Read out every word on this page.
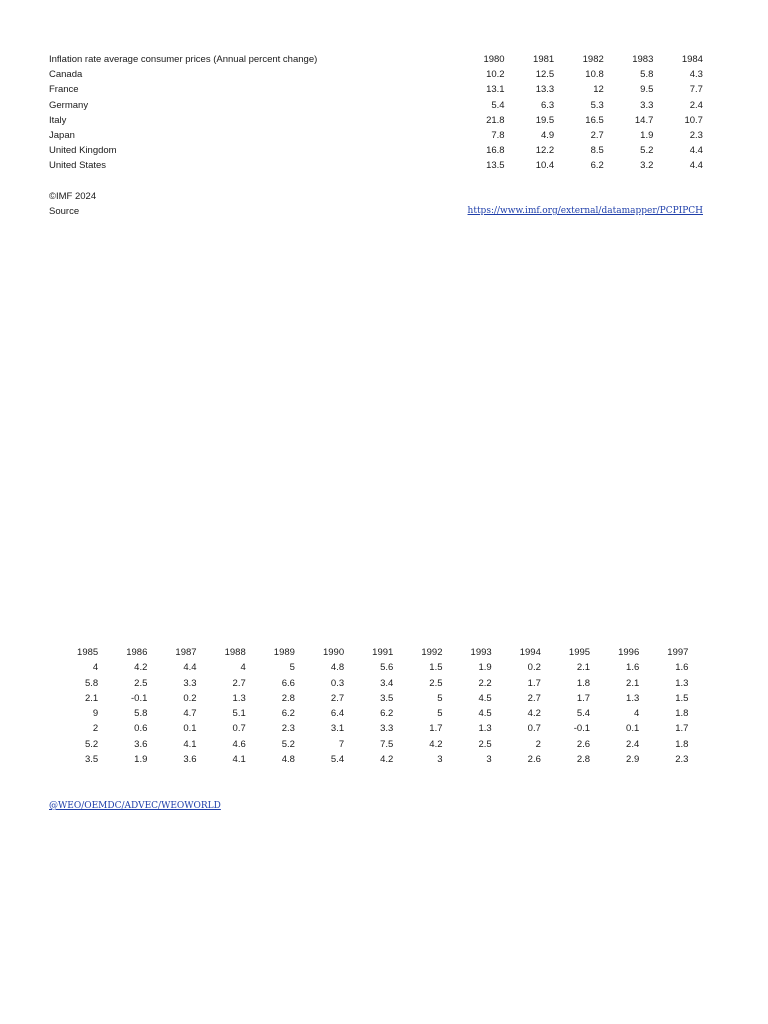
Inflation rate average consumer prices (Annual percent change)	1980	1981	1982	1983	1984
Canada	10.2	12.5	10.8	5.8	4.3
France	13.1	13.3	12	9.5	7.7
Germany	5.4	6.3	5.3	3.3	2.4
Italy	21.8	19.5	16.5	14.7	10.7
Japan	7.8	4.9	2.7	1.9	2.3
United Kingdom	16.8	12.2	8.5	5.2	4.4
United States	13.5	10.4	6.2	3.2	4.4
©IMF 2024
Source	https://www.imf.org/external/datamapper/PCPIPCH
1985	1986	1987	1988	1989	1990	1991	1992	1993	1994	1995	1996	1997
4	4.2	4.4	4	5	4.8	5.6	1.5	1.9	0.2	2.1	1.6	1.6
5.8	2.5	3.3	2.7	6.6	0.3	3.4	2.5	2.2	1.7	1.8	2.1	1.3
2.1	-0.1	0.2	1.3	2.8	2.7	3.5	5	4.5	2.7	1.7	1.3	1.5
9	5.8	4.7	5.1	6.2	6.4	6.2	5	4.5	4.2	5.4	4	1.8
2	0.6	0.1	0.7	2.3	3.1	3.3	1.7	1.3	0.7	-0.1	0.1	1.7
5.2	3.6	4.1	4.6	5.2	7	7.5	4.2	2.5	2	2.6	2.4	1.8
3.5	1.9	3.6	4.1	4.8	5.4	4.2	3	3	2.6	2.8	2.9	2.3
@WEO/OEMDC/ADVEC/WEOWORLD
